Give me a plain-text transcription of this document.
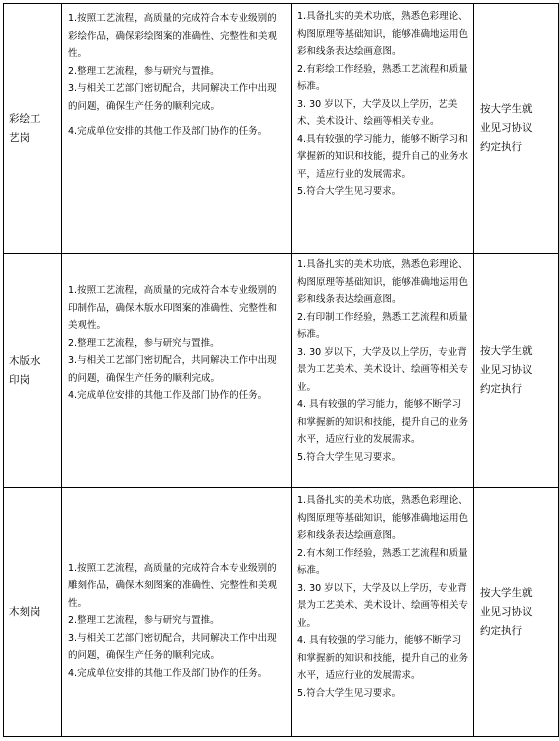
彩绘工艺岗	1.按照工艺流程，高质量的完成符合本专业级别的彩绘作品，确保彩绘图案的准确性、完整性和美观性。
2.整理工艺流程，参与研究与置推。
3.与相关工艺部门密切配合，共同解决工作中出现的问题，确保生产任务的顺利完成。
4.完成单位安排的其他工作及部门协作的任务。	1.具备扎实的美术功底，熟悉色彩理论、构图原理等基础知识，能够准确地运用色彩和线条表达绘画意图。
2.有彩绘工作经验，熟悉工艺流程和质量标准。
3. 30 岁以下，大学及以上学历，艺美术、美术设计、绘画等相关专业。
4.具有较强的学习能力，能够不断学习和掌握新的知识和技能，提升自己的业务水平，适应行业的发展需求。
5.符合大学生见习要求。	按大学生就业见习协议约定执行

木版水印岗	1.按照工艺流程，高质量的完成符合本专业级别的印制作品，确保木版水印图案的准确性、完整性和美观性。
2.整理工艺流程，参与研究与置推。
3.与相关工艺部门密切配合，共同解决工作中出现的问题，确保生产任务的顺利完成。
4.完成单位安排的其他工作及部门协作的任务。	1.具备扎实的美术功底，熟悉色彩理论、构图原理等基础知识，能够准确地运用色彩和线条表达绘画意图。
2.有印制工作经验，熟悉工艺流程和质量标准。
3. 30 岁以下，大学及以上学历，专业背景为工艺美术、美术设计、绘画等相关专业。
4. 具有较强的学习能力，能够不断学习和掌握新的知识和技能，提升自己的业务水平，适应行业的发展需求。
5.符合大学生见习要求。	按大学生就业见习协议约定执行

木刻岗	1.按照工艺流程，高质量的完成符合本专业级别的雕刻作品，确保木刻图案的准确性、完整性和美观性。
2.整理工艺流程，参与研究与置推。
3.与相关工艺部门密切配合，共同解决工作中出现的问题，确保生产任务的顺利完成。
4.完成单位安排的其他工作及部门协作的任务。	1.具备扎实的美术功底，熟悉色彩理论、构图原理等基础知识，能够准确地运用色彩和线条表达绘画意图。
2.有木刻工作经验，熟悉工艺流程和质量标准。
3. 30 岁以下，大学及以上学历，专业背景为工艺美术、美术设计、绘画等相关专业。
4. 具有较强的学习能力，能够不断学习和掌握新的知识和技能，提升自己的业务水平，适应行业的发展需求。
5.符合大学生见习要求。	按大学生就业见习协议约定执行
